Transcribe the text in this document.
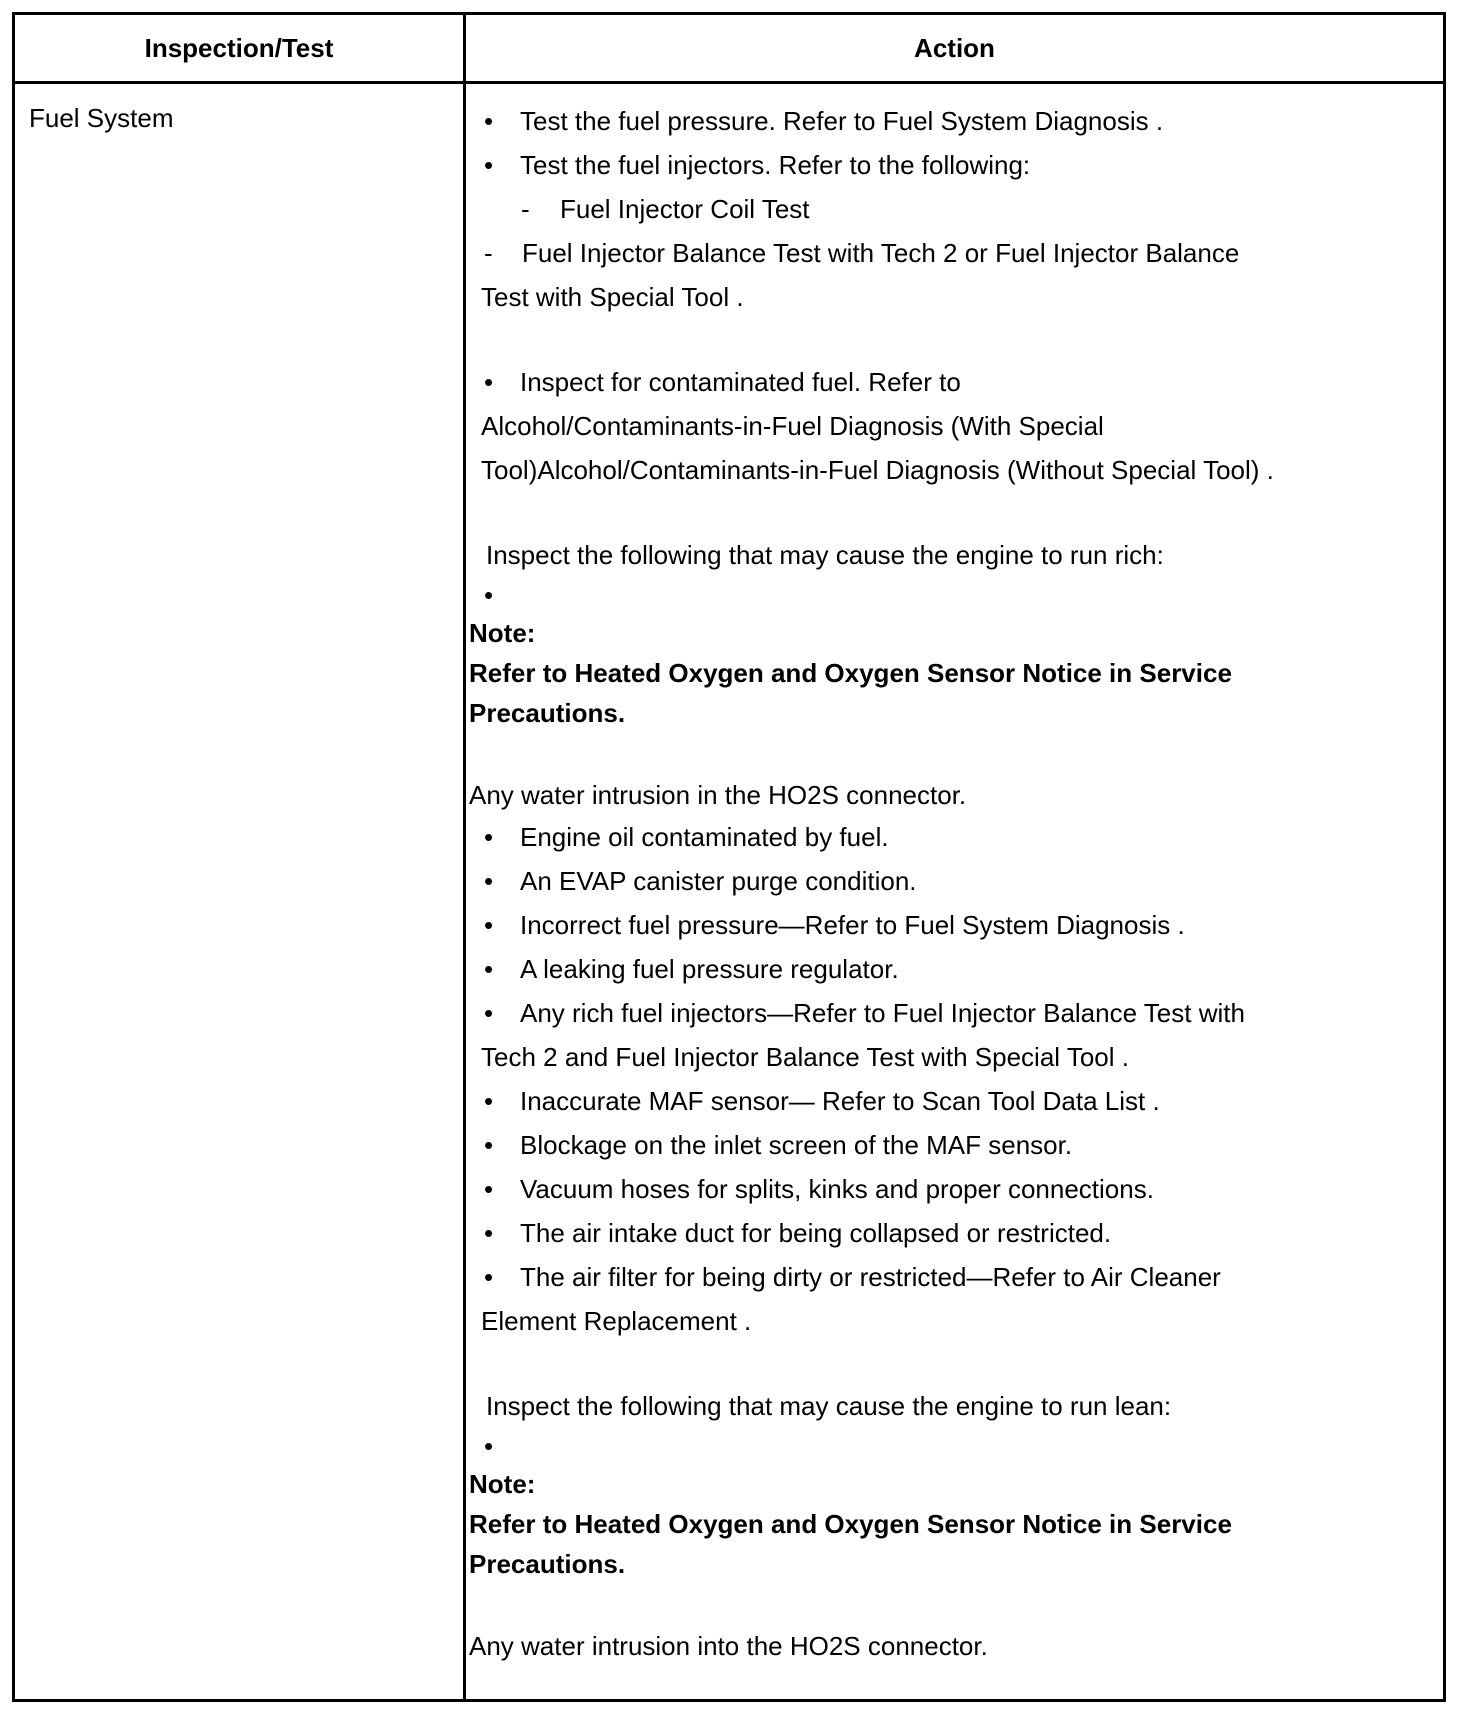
Inspection/Test	Action
Fuel System	• Test the fuel pressure. Refer to Fuel System Diagnosis .
• Test the fuel injectors. Refer to the following:
- Fuel Injector Coil Test
- Fuel Injector Balance Test with Tech 2 or Fuel Injector Balance
Test with Special Tool .
• Inspect for contaminated fuel. Refer to
Alcohol/Contaminants-in-Fuel Diagnosis (With Special
Tool)Alcohol/Contaminants-in-Fuel Diagnosis (Without Special Tool) .
Inspect the following that may cause the engine to run rich:
•
Note:
Refer to Heated Oxygen and Oxygen Sensor Notice in Service
Precautions.
Any water intrusion in the HO2S connector.
• Engine oil contaminated by fuel.
• An EVAP canister purge condition.
• Incorrect fuel pressure—Refer to Fuel System Diagnosis .
• A leaking fuel pressure regulator.
• Any rich fuel injectors—Refer to Fuel Injector Balance Test with
Tech 2 and Fuel Injector Balance Test with Special Tool .
• Inaccurate MAF sensor— Refer to Scan Tool Data List .
• Blockage on the inlet screen of the MAF sensor.
• Vacuum hoses for splits, kinks and proper connections.
• The air intake duct for being collapsed or restricted.
• The air filter for being dirty or restricted—Refer to Air Cleaner
Element Replacement .
Inspect the following that may cause the engine to run lean:
•
Note:
Refer to Heated Oxygen and Oxygen Sensor Notice in Service
Precautions.
Any water intrusion into the HO2S connector.
